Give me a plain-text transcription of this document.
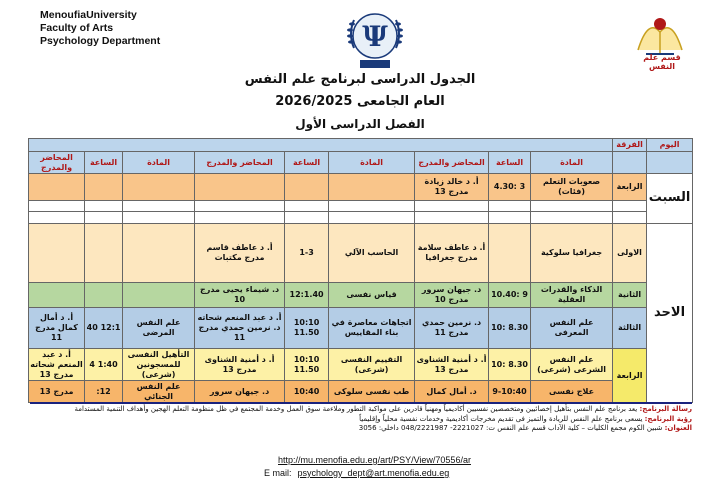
MenoufiaUniversity
Faculty of Arts
Psychology Department	Ψ
قسم علم النفس
الجدول الدراسى لبرنامج علم النفس
العام الجامعى 2026/2025
الفصل الدراسى الأول
اليوم	الفرقة									
		المادة	الساعة	المحاضر والمدرج	المادة	الساعة	المحاضر والمدرج	المادة	الساعة	المحاضر والمدرج
السبت	الرابعة	صعوبات التعلم (فئات)	3 :4.30	أ. د خالد زيادة مدرج 13						

الاحد	الاولى	جغرافيا سلوكية		أ. د عاطف سلامة مدرج جغرافيا	الحاسب الآلي	1-3	أ. د عاطف قاسم مدرج مكتبات			
	الثانية	الذكاء والقدرات العقلية	9 :10.40	د. جيهان سرور مدرج 10	قياس نفسى	12:1.40	د. شيماء يحيى مدرج 10			
	الثالثة	علم النفس المعرفى	8.30 :10	د. نرمين حمدي مدرج 11	اتجاهات معاصرة في بناء المقاييس	10:10 11.50	أ. د عبد المنعم شحاته د. نرمين حمدي مدرج 11	علم النفس المرضى	12:1 40	أ. د أمال كمال مدرج 11
	الرابعة	علم النفس الشرعى (شرعى)	8.30 :10	أ. د أمنية الشناوى مدرج 13	التقييم النفسى (شرعى)	10:10 11.50	أ. د أمنية الشناوى مدرج 13	التأهيل النفسى للمسجونين (شرعى)	1:40 4	أ. د عبد المنعم شحاته مدرج 13
		علاج نفسى	9-10:40	د. أمال كمال	طب نفسى سلوكى	10:40	د. جيهان سرور	علم النفس الجنائي	12:	مدرج 13
رسالة البرنامج: يعد برنامج علم النفس بتأهيل إخصائيين ومتخصصين نفسيين أكاديمياً ومهنياً قادرين على مواكبة التطور وملاءمة سوق العمل وخدمة المجتمع في ظل منظومة التعلم الهجين وأهداف التنمية المستدامة
رؤية البرنامج: يسعى برنامج علم النفس للريادة والتميز فى تقديم مخرجات أكاديمية وخدمات نفسية محلياً وإقليمياً
العنوان: شبين الكوم مجمع الكليات – كلية الآداب قسم علم النفس ت: 2221027- 048/2221987 داخلي: 3056
http://mu.menofia.edu.eg/art/PSY/View/70556/ar
E mail: psychology_dept@art.menofia.edu.eg
